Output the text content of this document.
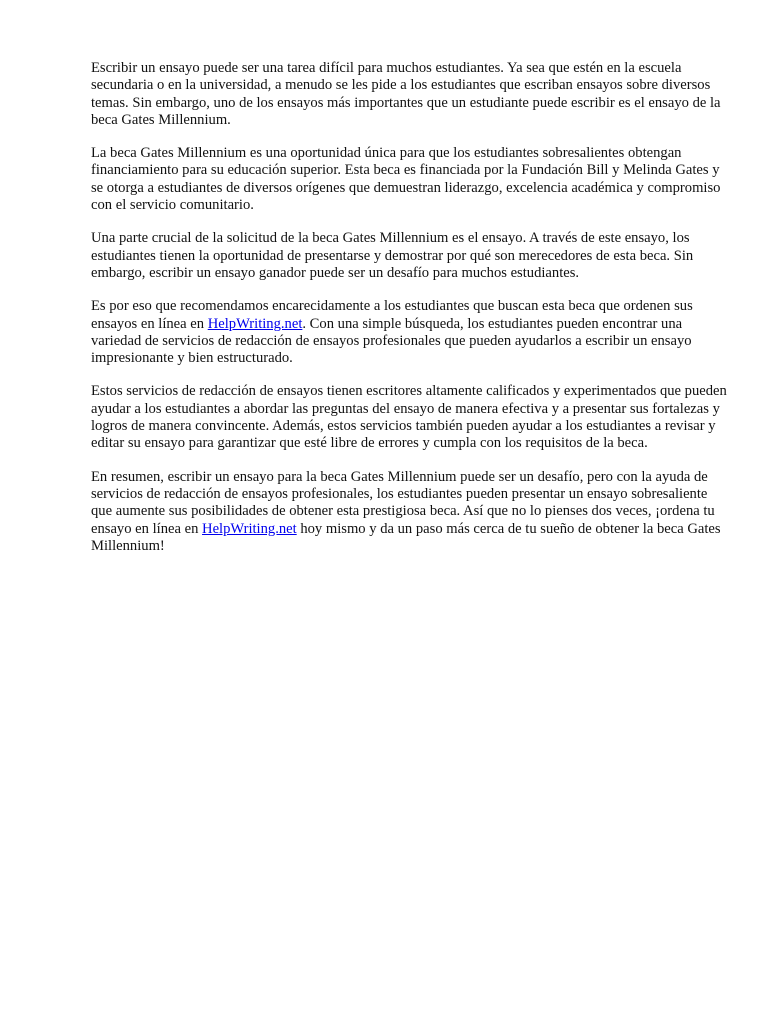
Escribir un ensayo puede ser una tarea difícil para muchos estudiantes. Ya sea que estén en la escuela secundaria o en la universidad, a menudo se les pide a los estudiantes que escriban ensayos sobre diversos temas. Sin embargo, uno de los ensayos más importantes que un estudiante puede escribir es el ensayo de la beca Gates Millennium.

La beca Gates Millennium es una oportunidad única para que los estudiantes sobresalientes obtengan financiamiento para su educación superior. Esta beca es financiada por la Fundación Bill y Melinda Gates y se otorga a estudiantes de diversos orígenes que demuestran liderazgo, excelencia académica y compromiso con el servicio comunitario.

Una parte crucial de la solicitud de la beca Gates Millennium es el ensayo. A través de este ensayo, los estudiantes tienen la oportunidad de presentarse y demostrar por qué son merecedores de esta beca. Sin embargo, escribir un ensayo ganador puede ser un desafío para muchos estudiantes.

Es por eso que recomendamos encarecidamente a los estudiantes que buscan esta beca que ordenen sus ensayos en línea en HelpWriting.net. Con una simple búsqueda, los estudiantes pueden encontrar una variedad de servicios de redacción de ensayos profesionales que pueden ayudarlos a escribir un ensayo impresionante y bien estructurado.

Estos servicios de redacción de ensayos tienen escritores altamente calificados y experimentados que pueden ayudar a los estudiantes a abordar las preguntas del ensayo de manera efectiva y a presentar sus fortalezas y logros de manera convincente. Además, estos servicios también pueden ayudar a los estudiantes a revisar y editar su ensayo para garantizar que esté libre de errores y cumpla con los requisitos de la beca.

En resumen, escribir un ensayo para la beca Gates Millennium puede ser un desafío, pero con la ayuda de servicios de redacción de ensayos profesionales, los estudiantes pueden presentar un ensayo sobresaliente que aumente sus posibilidades de obtener esta prestigiosa beca. Así que no lo pienses dos veces, ¡ordena tu ensayo en línea en HelpWriting.net hoy mismo y da un paso más cerca de tu sueño de obtener la beca Gates Millennium!
